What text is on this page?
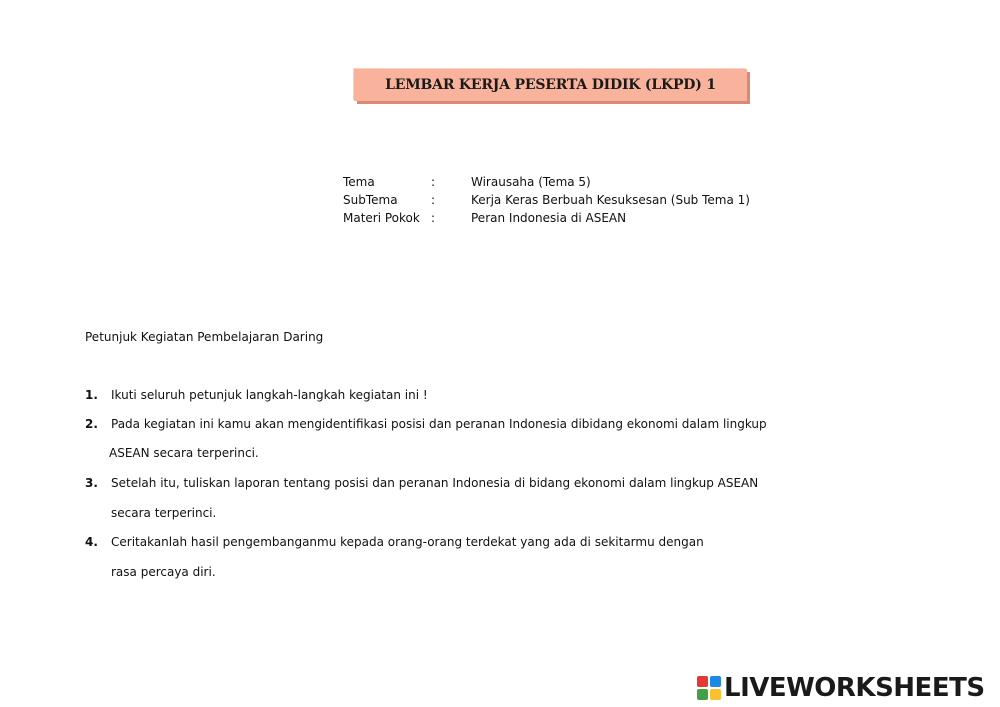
LEMBAR KERJA PESERTA DIDIK (LKPD) 1
Tema	:	Wirausaha (Tema 5)
SubTema	:	Kerja Keras Berbuah Kesuksesan (Sub Tema 1)
Materi Pokok :	Peran Indonesia di ASEAN
Petunjuk Kegiatan Pembelajaran Daring
1.	Ikuti seluruh petunjuk langkah-langkah kegiatan ini !
2.	Pada kegiatan ini kamu akan mengidentifikasi posisi dan peranan Indonesia dibidang ekonomi dalam lingkup
ASEAN secara terperinci.
3.	Setelah itu, tuliskan laporan tentang posisi dan peranan Indonesia di bidang ekonomi dalam lingkup ASEAN
secara terperinci.
4.	Ceritakanlah hasil pengembanganmu kepada orang-orang terdekat yang ada di sekitarmu dengan
rasa percaya diri.
LIVEWORKSHEETS
